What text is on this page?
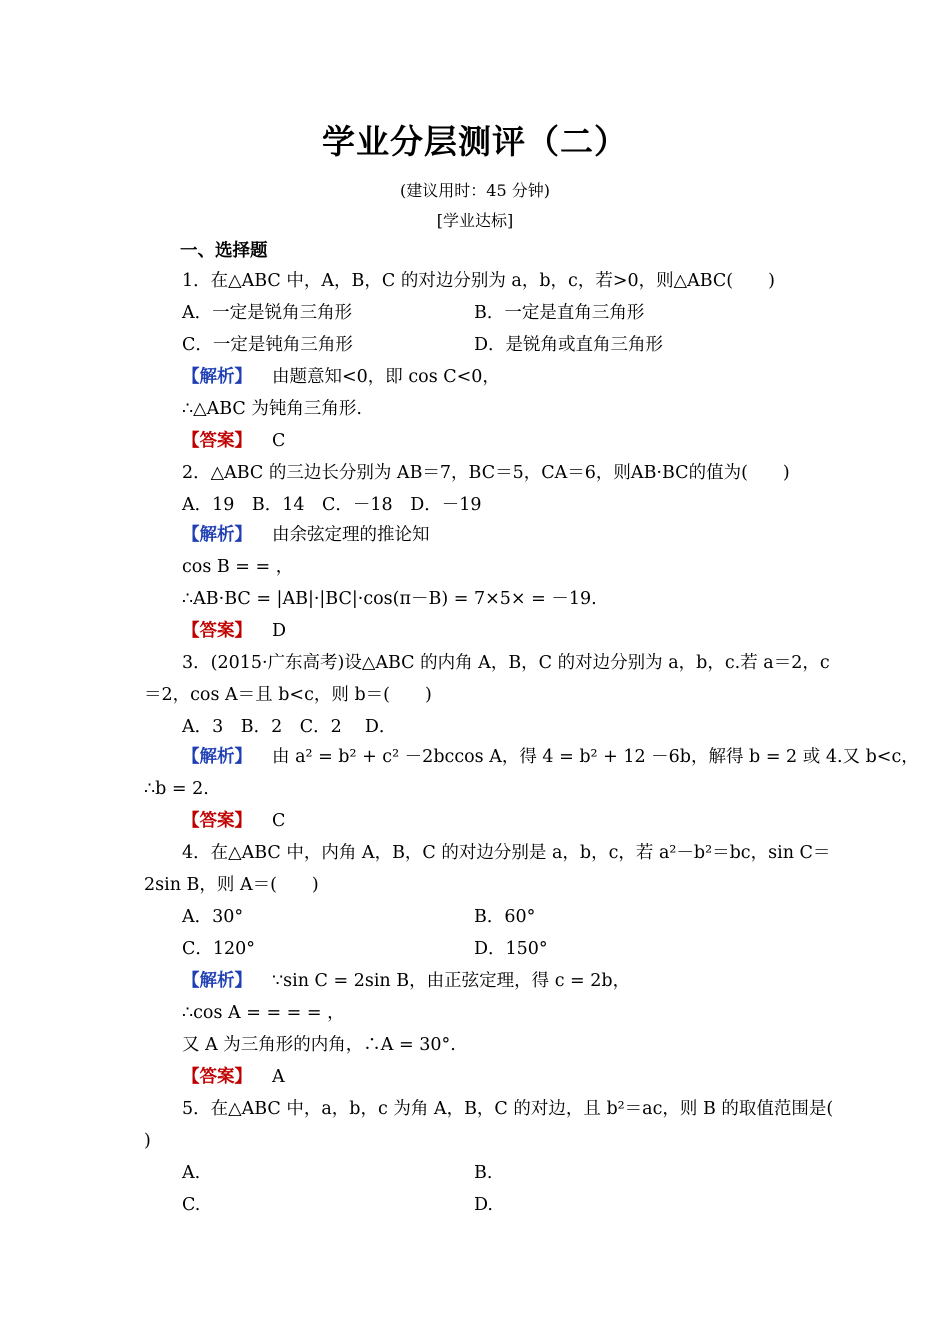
学业分层测评（二）
(建议用时：45 分钟)
[学业达标]
一、选择题
1．在△ABC 中，A，B，C 的对边分别为 a，b，c，若>0，则△ABC(　　)
A．一定是锐角三角形	B．一定是直角三角形
C．一定是钝角三角形	D．是锐角或直角三角形
【解析】 由题意知<0，即 cos C<0，
∴△ABC 为钝角三角形.
【答案】 C
2．△ABC 的三边长分别为 AB＝7，BC＝5，CA＝6，则AB·BC的值为(　　)
A．19　B．14　C．－18　D．－19
【解析】 由余弦定理的推论知
cos B = = ，
∴AB·BC = |AB|·|BC|·cos(π－B) = 7×5× = －19.
【答案】 D
3．(2015·广东高考)设△ABC 的内角 A，B，C 的对边分别为 a，b，c.若 a＝2，c
＝2，cos A＝且 b<c，则 b＝(　　)
A．3　B．2　C．2　 D．
【解析】 由 a² = b² + c² －2bccos A，得 4 = b² + 12 －6b，解得 b = 2 或 4.又 b<c，
∴b = 2.
【答案】 C
4．在△ABC 中，内角 A，B，C 的对边分别是 a，b，c，若 a²－b²＝bc，sin C＝
2sin B，则 A＝(　　)
A．30°	B．60°
C．120°	D．150°
【解析】 ∵sin C = 2sin B，由正弦定理，得 c = 2b，
∴cos A = = = = ，
又 A 为三角形的内角，∴A = 30°.
【答案】 A
5．在△ABC 中，a，b，c 为角 A，B，C 的对边，且 b²＝ac，则 B 的取值范围是(
)
A.	B.
C.	D.
